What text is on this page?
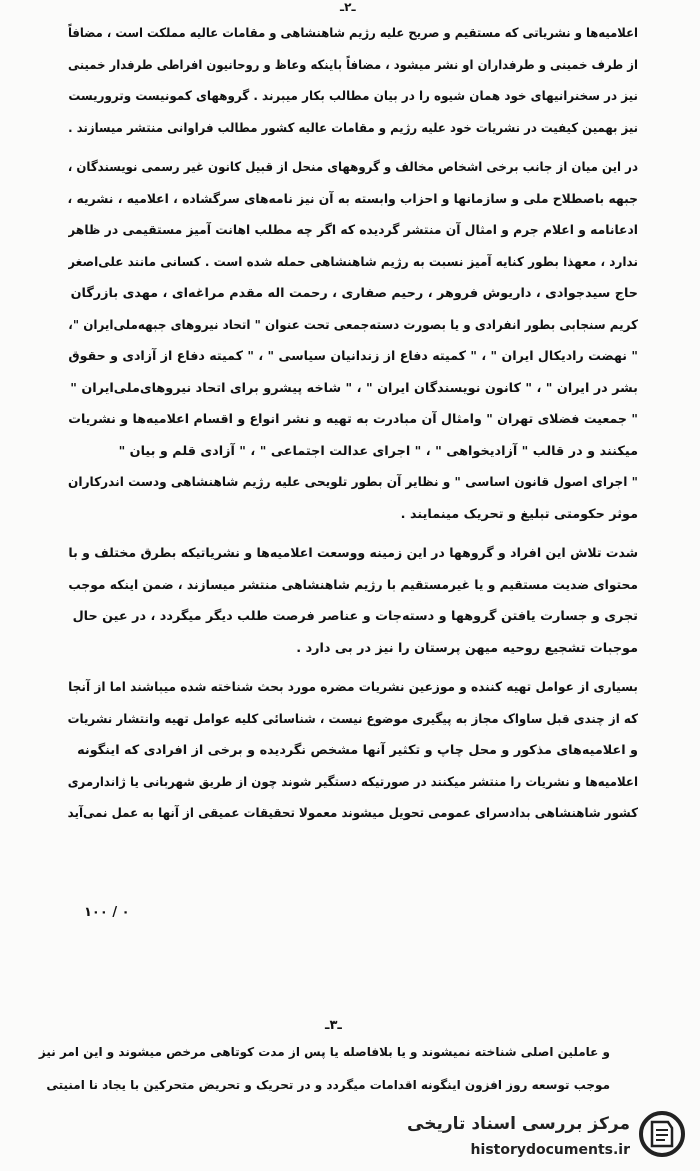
ـ۲ـ
اعلامیه‌ها و نشریاتی که مستقیم و صریح علیه رژیم شاهنشاهی و مقامات عالیه مملکت است ، مضافاً
از طرف خمینی و طرفداران او نشر میشود ، مضافاً باینکه وعاظ و روحانیون افراطی طرفدار خمینی
نیز در سخنرانیهای خود همان شیوه را در بیان مطالب بکار میبرند . گروههای کمونیست وتروریست
نیز بهمین کیفیت در نشریات خود علیه رژیم و مقامات عالیه کشور مطالب فراوانی منتشر میسازند .
در این میان از جانب برخی اشخاص مخالف و گروههای منحل از قبیل کانون غیر رسمی نویسندگان ،
جبهه باصطلاح ملی و سازمانها و احزاب وابسته به آن نیز نامه‌های سرگشاده ، اعلامیه ، نشریه ،
ادعانامه و اعلام جرم و امثال آن منتشر گردیده که اگر چه مطلب اهانت آمیز مستقیمی در ظاهر
ندارد ، معهذا بطور کنایه آمیز نسبت به رژیم شاهنشاهی حمله شده است . کسانی مانند علی‌اصغر
حاج سیدجوادی ، داریوش فروهر ، رحیم صفاری ، رحمت اله مقدم مراغه‌ای ، مهدی بازرگان
کریم سنجابی بطور انفرادی و یا بصورت دسته‌جمعی تحت عنوان " اتحاد نیروهای جبهه‌ملی‌ایران "،
" نهضت رادیکال ایران " ، " کمیته دفاع از زندانیان سیاسی " ، " کمیته دفاع از آزادی و حقوق
بشر در ایران " ، " کانون نویسندگان ایران " ، " شاخه پیشرو برای اتحاد نیروهای‌ملی‌ایران "
" جمعیت فضلای تهران " وامثال آن مبادرت به تهیه و نشر انواع و اقسام اعلامیه‌ها و نشریات
میکنند و در قالب " آزادیخواهی " ، " اجرای عدالت اجتماعی " ، " آزادی قلم و بیان "
" اجرای اصول قانون اساسی " و نظایر آن بطور تلویحی علیه رژیم شاهنشاهی ودست اندرکاران
موثر حکومتی تبلیغ و تحریک مینمایند .
شدت تلاش این افراد و گروهها در این زمینه ووسعت اعلامیه‌ها و نشریاتیکه بطرق مختلف و با
محتوای ضدیت مستقیم و یا غیرمستقیم با رژیم شاهنشاهی منتشر میسازند ، ضمن اینکه موجب
تجری و جسارت یافتن گروهها و دسته‌جات و عناصر فرصت طلب دیگر میگردد ، در عین حال
موجبات تشجیع روحیه میهن پرستان را نیز در بی دارد .
بسیاری از عوامل تهیه کننده و موزعین نشریات مضره مورد بحث شناخته شده میباشند اما از آنجا
که از چندی قبل ساواک مجاز به پیگیری موضوع نیست ، شناسائی کلیه عوامل تهیه وانتشار نشریات
و اعلامیه‌های مذکور و محل چاپ و تکثیر آنها مشخص نگردیده و برخی از افرادی که اینگونه
اعلامیه‌ها و نشریات را منتشر میکنند در صورتیکه دستگیر شوند چون از طریق شهربانی یا ژاندارمری
کشور شاهنشاهی بدادسرای عمومی تحویل میشوند معمولا تحقیقات عمیقی از آنها به عمل نمی‌آید
۱۰۰ / ۰
ـ۳ـ
و عاملین اصلی شناخته نمیشوند و یا بلافاصله یا پس از مدت کوتاهی مرخص میشوند و این امر نیز
موجب توسعه روز افزون اینگونه اقدامات میگردد و در تحریک و تحریض متحرکین با یجاد نا امنیتی
مرکز بررسی اسناد تاریخی
historydocuments.ir
